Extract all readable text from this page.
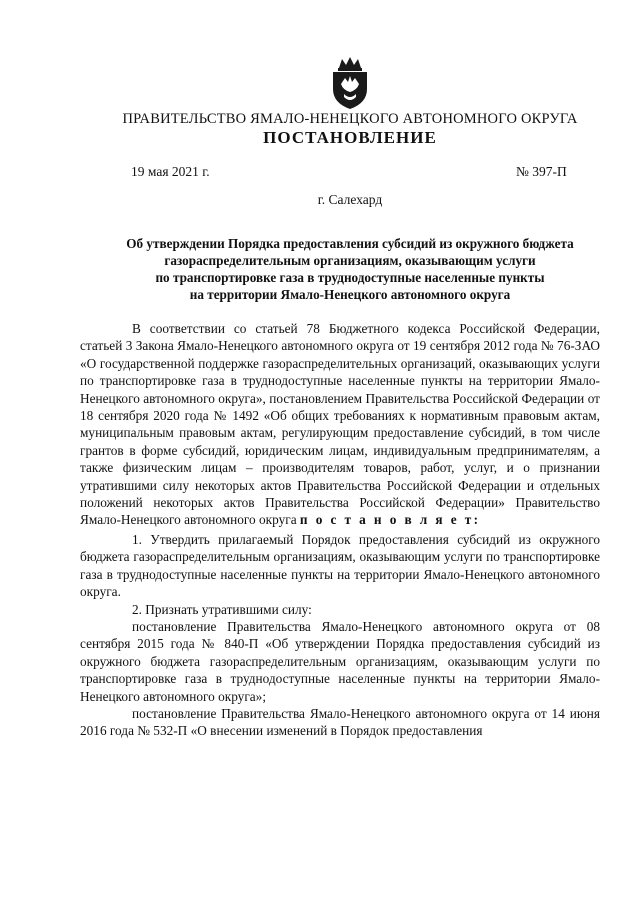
ПРАВИТЕЛЬСТВО ЯМАЛО-НЕНЕЦКОГО АВТОНОМНОГО ОКРУГА
ПОСТАНОВЛЕНИЕ
19 мая 2021 г.	№ 397-П
г. Салехард
Об утверждении Порядка предоставления субсидий из окружного бюджета
газораспределительным организациям, оказывающим услуги
по транспортировке газа в труднодоступные населенные пункты
на территории Ямало-Ненецкого автономного округа

В соответствии со статьей 78 Бюджетного кодекса Российской Федерации, статьей 3 Закона Ямало-Ненецкого автономного округа от 19 сентября 2012 года № 76-ЗАО «О государственной поддержке газораспределительных организаций, оказывающих услуги по транспортировке газа в труднодоступные населенные пункты на территории Ямало-Ненецкого автономного округа», постановлением Правительства Российской Федерации от 18 сентября 2020 года № 1492 «Об общих требованиях к нормативным правовым актам, муниципальным правовым актам, регулирующим предоставление субсидий, в том числе грантов в форме субсидий, юридическим лицам, индивидуальным предпринимателям, а также физическим лицам – производителям товаров, работ, услуг, и о признании утратившими силу некоторых актов Правительства Российской Федерации и отдельных положений некоторых актов Правительства Российской Федерации» Правительство Ямало-Ненецкого автономного округа п о с т а н о в л я е т:

1. Утвердить прилагаемый Порядок предоставления субсидий из окружного бюджета газораспределительным организациям, оказывающим услуги по транспортировке газа в труднодоступные населенные пункты на территории Ямало-Ненецкого автономного округа.

2. Признать утратившими силу:

постановление Правительства Ямало-Ненецкого автономного округа от 08 сентября 2015 года № 840-П «Об утверждении Порядка предоставления субсидий из окружного бюджета газораспределительным организациям, оказывающим услуги по транспортировке газа в труднодоступные населенные пункты на территории Ямало-Ненецкого автономного округа»;

постановление Правительства Ямало-Ненецкого автономного округа от 14 июня 2016 года № 532-П «О внесении изменений в Порядок предоставления
